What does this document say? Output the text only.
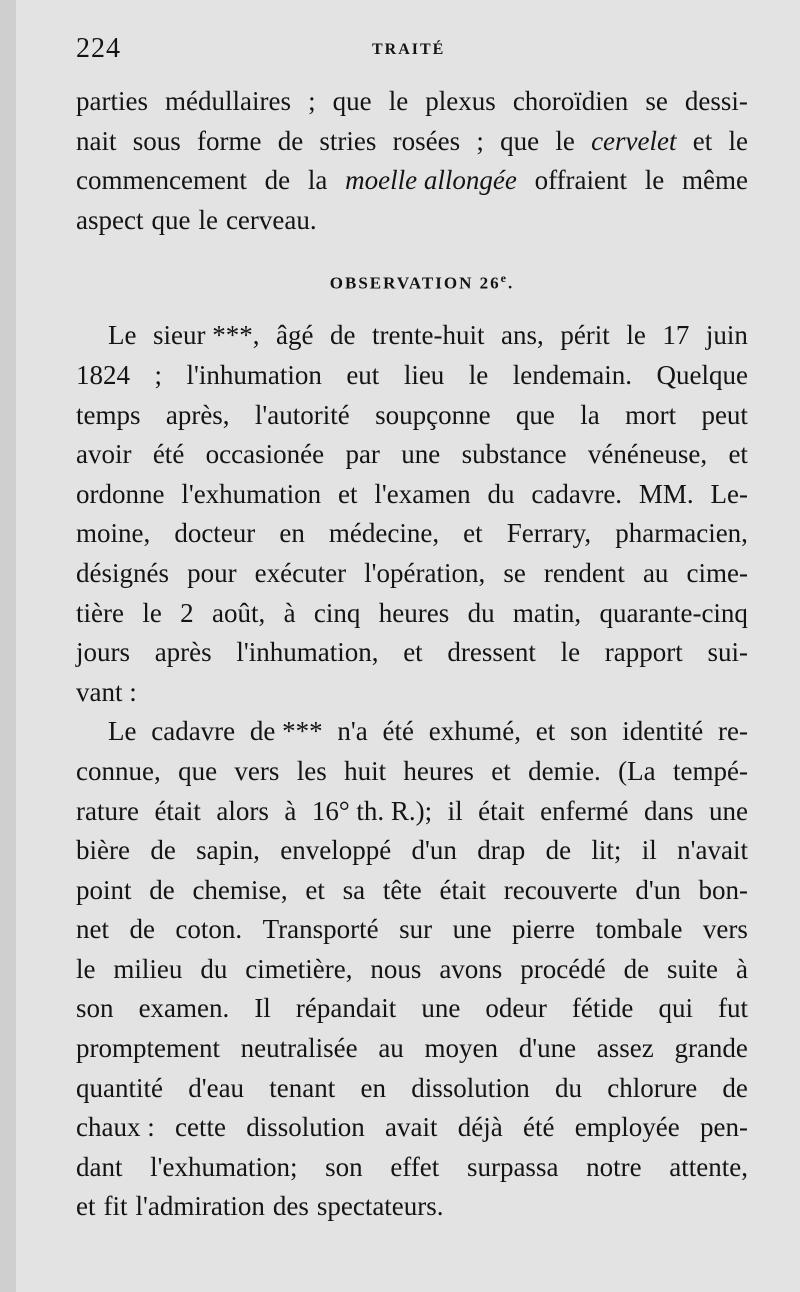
224	TRAITÉ
parties médullaires ; que le plexus choroïdien se dessi-
nait sous forme de stries rosées ; que le cervelet et le
commencement de la moelle allongée offraient le même
aspect que le cerveau.
OBSERVATION 26e.
Le sieur ***, âgé de trente-huit ans, périt le 17 juin
1824 ; l'inhumation eut lieu le lendemain. Quelque
temps après, l'autorité soupçonne que la mort peut
avoir été occasionée par une substance vénéneuse, et
ordonne l'exhumation et l'examen du cadavre. MM. Le-
moine, docteur en médecine, et Ferrary, pharmacien,
désignés pour exécuter l'opération, se rendent au cime-
tière le 2 août, à cinq heures du matin, quarante-cinq
jours après l'inhumation, et dressent le rapport sui-
vant :
Le cadavre de *** n'a été exhumé, et son identité re-
connue, que vers les huit heures et demie. (La tempé-
rature était alors à 16° th. R.); il était enfermé dans une
bière de sapin, enveloppé d'un drap de lit; il n'avait
point de chemise, et sa tête était recouverte d'un bon-
net de coton. Transporté sur une pierre tombale vers
le milieu du cimetière, nous avons procédé de suite à
son examen. Il répandait une odeur fétide qui fut
promptement neutralisée au moyen d'une assez grande
quantité d'eau tenant en dissolution du chlorure de
chaux : cette dissolution avait déjà été employée pen-
dant l'exhumation; son effet surpassa notre attente,
et fit l'admiration des spectateurs.
